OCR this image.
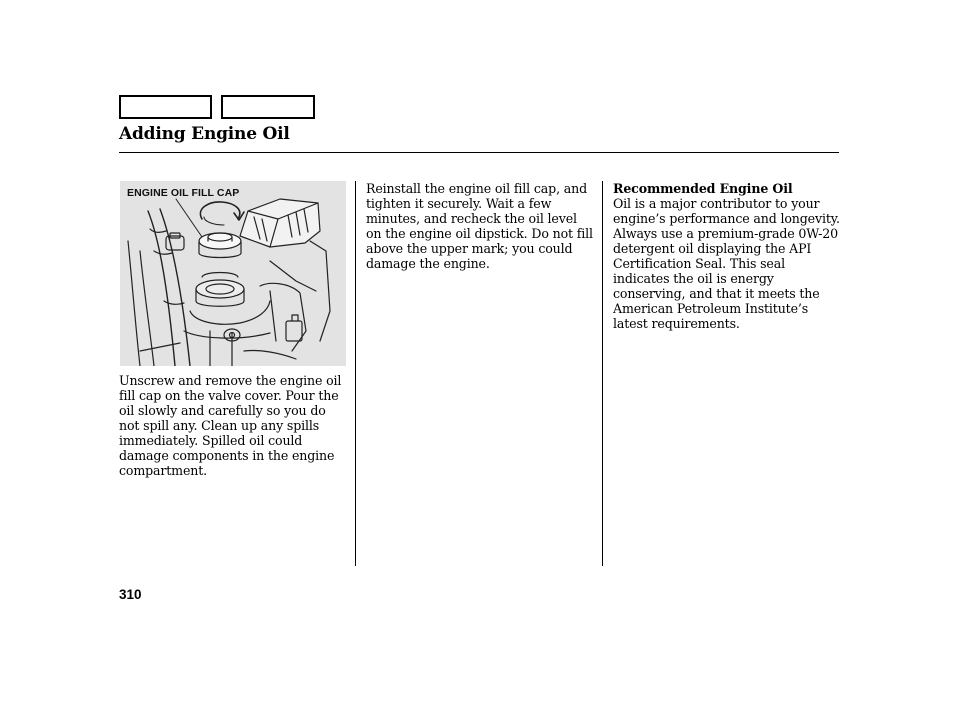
Adding Engine Oil
ENGINE OIL FILL CAP
Unscrew and remove the engine oil fill cap on the valve cover. Pour the oil slowly and carefully so you do not spill any. Clean up any spills immediately. Spilled oil could damage components in the engine compartment.
Reinstall the engine oil fill cap, and tighten it securely. Wait a few minutes, and recheck the oil level on the engine oil dipstick. Do not fill above the upper mark; you could damage the engine.
Recommended Engine Oil
Oil is a major contributor to your engine’s performance and longevity. Always use a premium-grade 0W-20 detergent oil displaying the API Certification Seal. This seal indicates the oil is energy conserving, and that it meets the American Petroleum Institute’s latest requirements.
310
